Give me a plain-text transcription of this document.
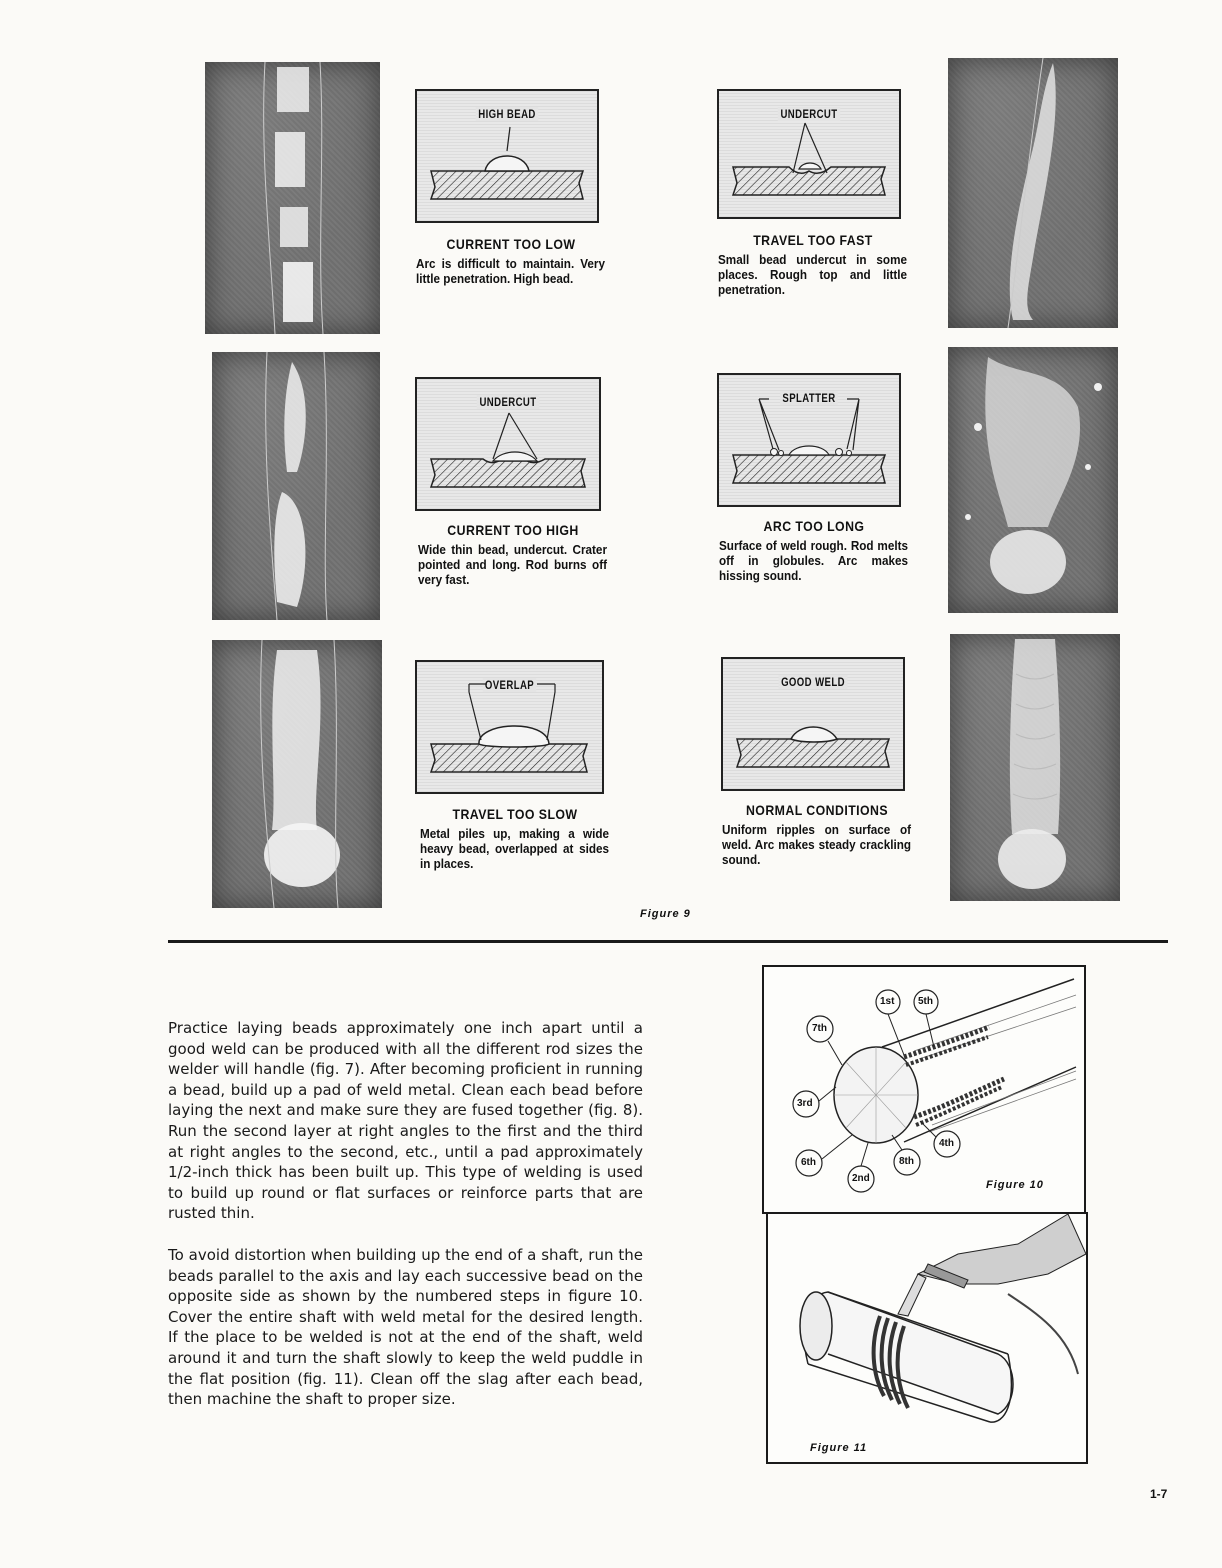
HIGH BEAD	UNDERCUT
UNDERCUT	SPLATTER
OVERLAP	GOOD WELD
CURRENT TOO LOW
Arc is difficult to maintain. Very little penetration. High bead.
TRAVEL TOO FAST
Small bead undercut in some places. Rough top and little penetration.
CURRENT TOO HIGH
Wide thin bead, undercut. Crater pointed and long. Rod burns off very fast.
ARC TOO LONG
Surface of weld rough. Rod melts off in globules. Arc makes hissing sound.
TRAVEL TOO SLOW
Metal piles up, making a wide heavy bead, overlapped at sides in places.
NORMAL CONDITIONS
Uniform ripples on surface of weld. Arc makes steady crackling sound.
Figure 9

Practice laying beads approximately one inch apart until a good weld can be produced with all the different rod sizes the welder will handle (fig. 7). After becoming proficient in running a bead, build up a pad of weld metal. Clean each bead before laying the next and make sure they are fused together (fig. 8). Run the second layer at right angles to the first and the third at right angles to the second, etc., until a pad approximately 1/2-inch thick has been built up. This type of welding is used to build up round or flat surfaces or reinforce parts that are rusted thin.

To avoid distortion when building up the end of a shaft, run the beads parallel to the axis and lay each successive bead on the opposite side as shown by the numbered steps in figure 10. Cover the entire shaft with weld metal for the desired length. If the place to be welded is not at the end of the shaft, weld around it and turn the shaft slowly to keep the weld puddle in the flat position (fig. 11). Clean off the slag after each bead, then machine the shaft to proper size.

1st 5th
7th
3rd
4th
6th	8th
2nd
Figure 10
Figure 11
1-7
